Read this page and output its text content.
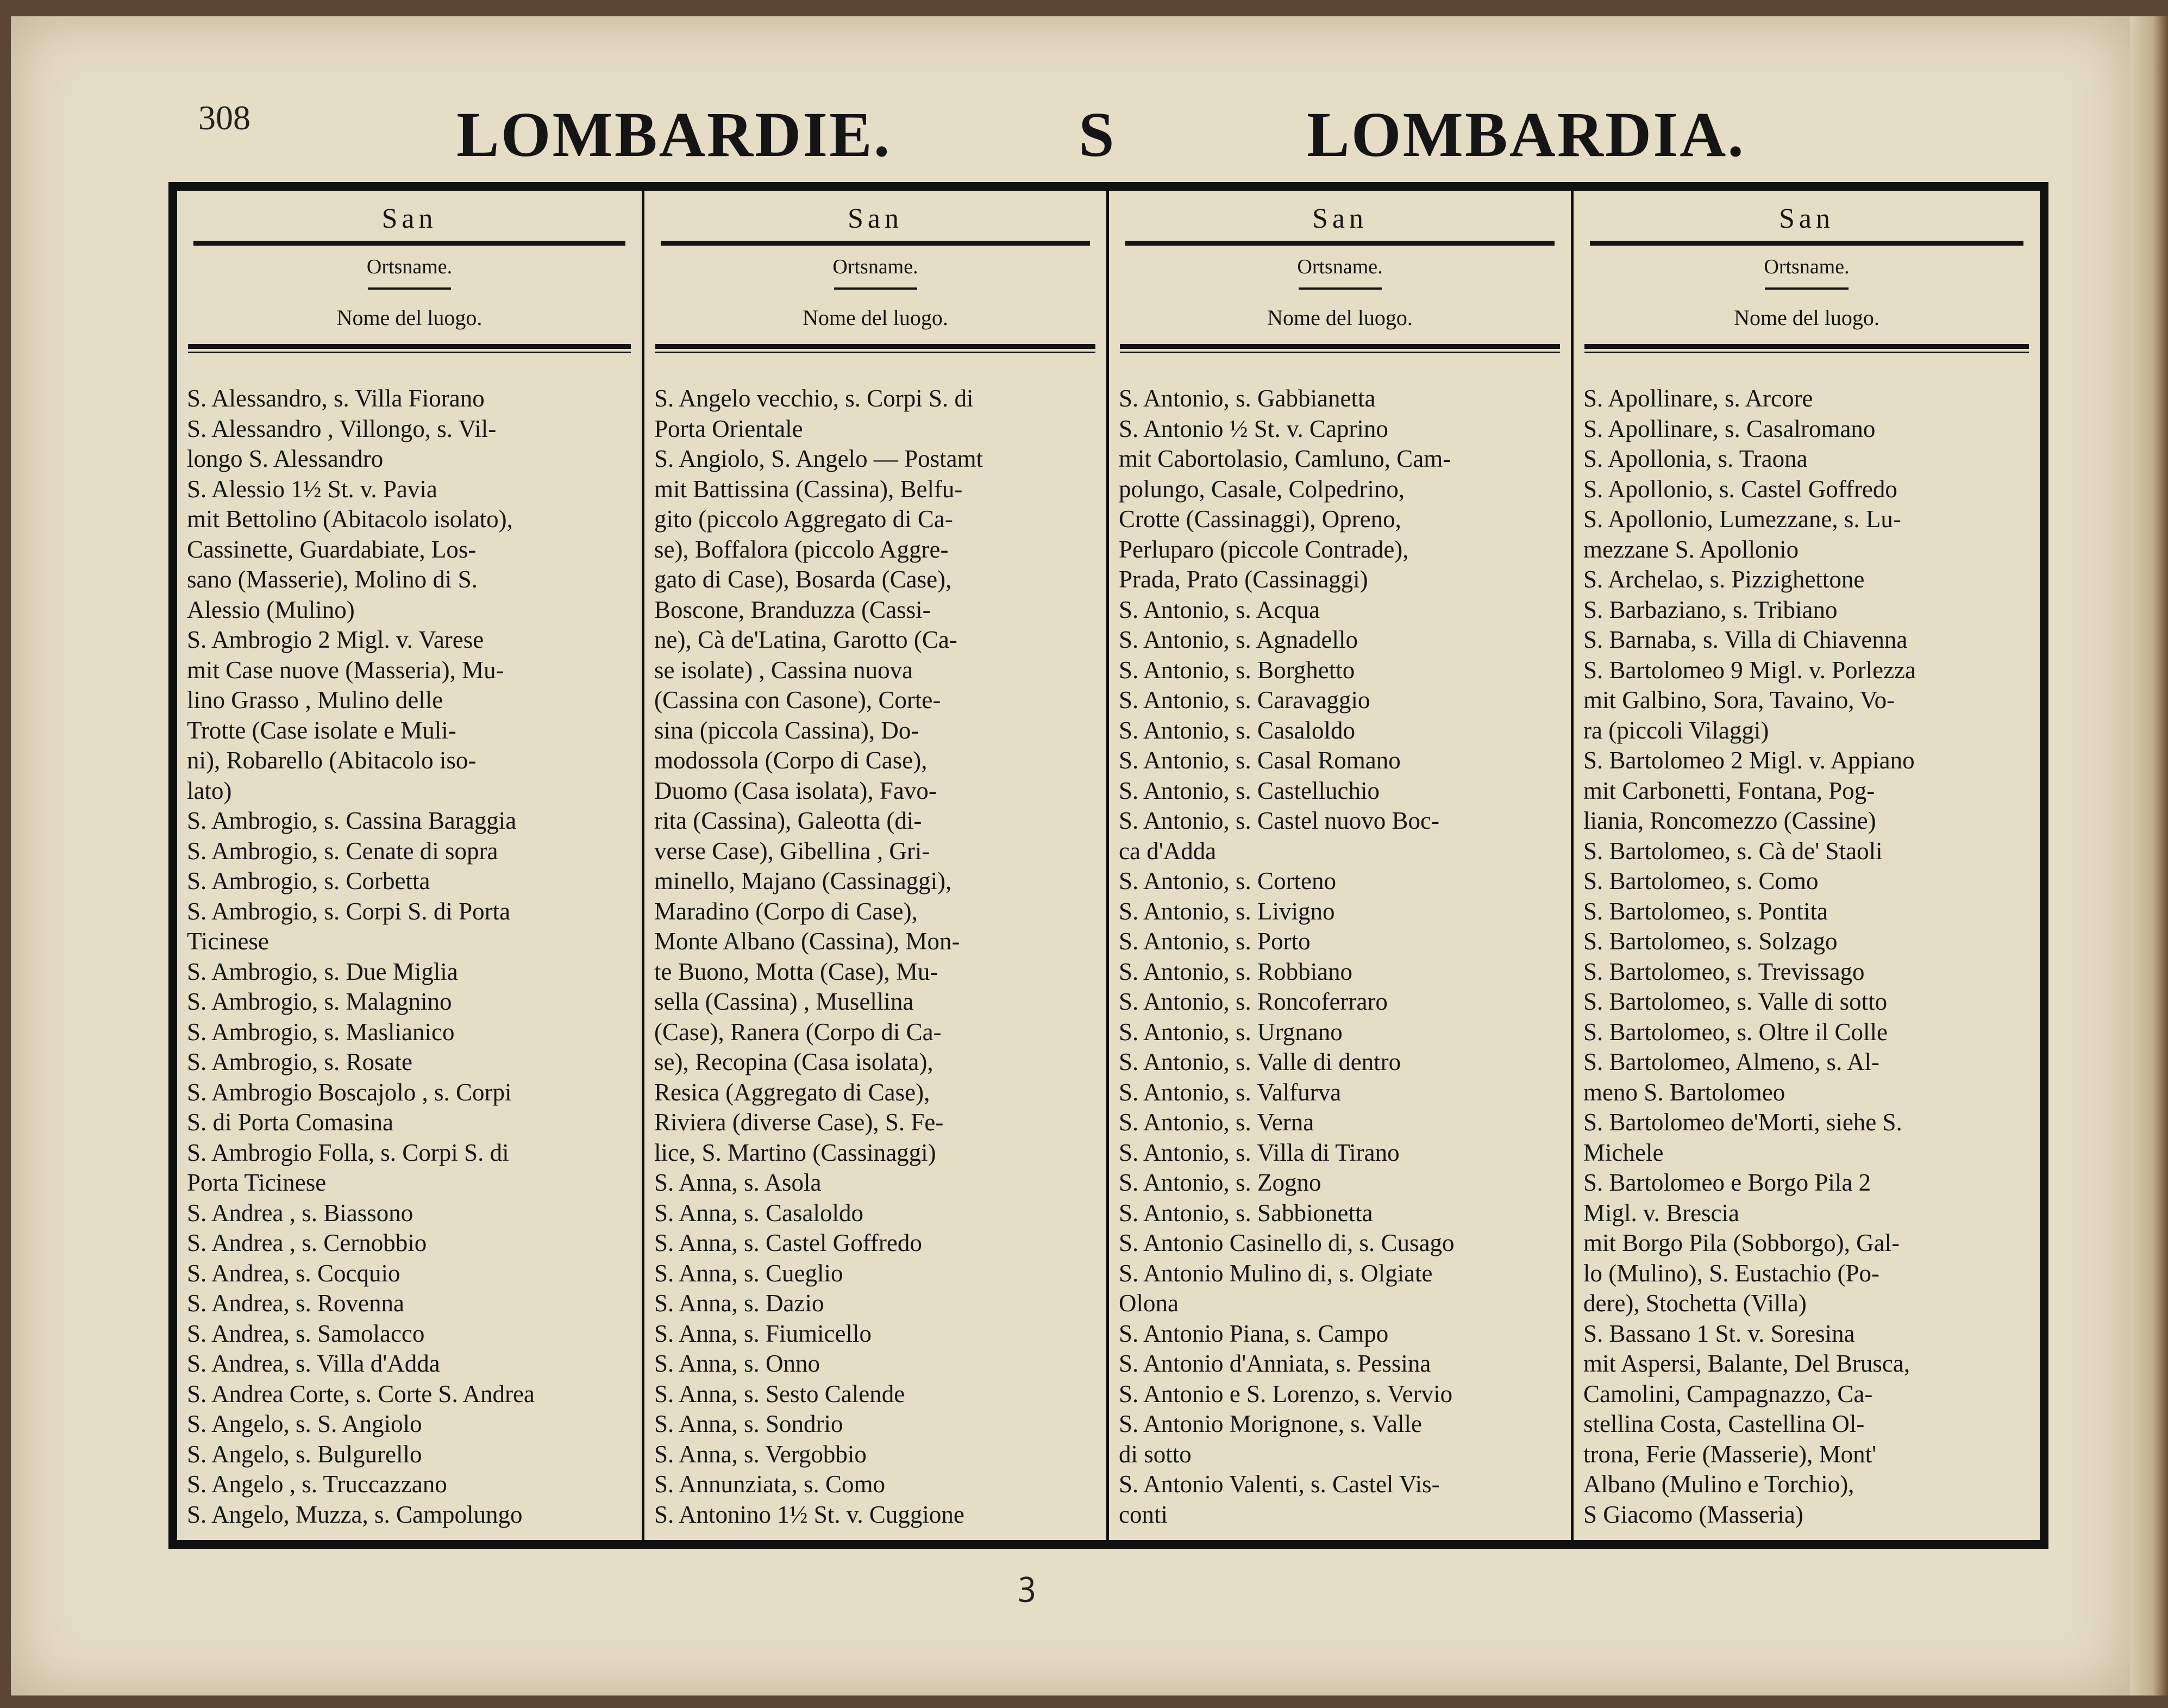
308	LOMBARDIE.	S	LOMBARDIA.
San
Ortsname.
Nome del luogo.
S. Alessandro, s. Villa Fiorano
S. Alessandro , Villongo, s. Vil-
longo S. Alessandro
S. Alessio 1½ St. v. Pavia
mit Bettolino (Abitacolo isolato),
Cassinette, Guardabiate, Los-
sano (Masserie), Molino di S.
Alessio (Mulino)
S. Ambrogio 2 Migl. v. Varese
mit Case nuove (Masseria), Mu-
lino Grasso , Mulino delle
Trotte (Case isolate e Muli-
ni), Robarello (Abitacolo iso-
lato)
S. Ambrogio, s. Cassina Baraggia
S. Ambrogio, s. Cenate di sopra
S. Ambrogio, s. Corbetta
S. Ambrogio, s. Corpi S. di Porta
Ticinese
S. Ambrogio, s. Due Miglia
S. Ambrogio, s. Malagnino
S. Ambrogio, s. Maslianico
S. Ambrogio, s. Rosate
S. Ambrogio Boscajolo , s. Corpi
S. di Porta Comasina
S. Ambrogio Folla, s. Corpi S. di
Porta Ticinese
S. Andrea , s. Biassono
S. Andrea , s. Cernobbio
S. Andrea, s. Cocquio
S. Andrea, s. Rovenna
S. Andrea, s. Samolacco
S. Andrea, s. Villa d'Adda
S. Andrea Corte, s. Corte S. Andrea
S. Angelo, s. S. Angiolo
S. Angelo, s. Bulgurello
S. Angelo , s. Truccazzano
S. Angelo, Muzza, s. Campolungo
San
Ortsname.
Nome del luogo.
S. Angelo vecchio, s. Corpi S. di
Porta Orientale
S. Angiolo, S. Angelo — Postamt
mit Battissina (Cassina), Belfu-
gito (piccolo Aggregato di Ca-
se), Boffalora (piccolo Aggre-
gato di Case), Bosarda (Case),
Boscone, Branduzza (Cassi-
ne), Cà de'Latina, Garotto (Ca-
se isolate) , Cassina nuova
(Cassina con Casone), Corte-
sina (piccola Cassina), Do-
modossola (Corpo di Case),
Duomo (Casa isolata), Favo-
rita (Cassina), Galeotta (di-
verse Case), Gibellina , Gri-
minello, Majano (Cassinaggi),
Maradino (Corpo di Case),
Monte Albano (Cassina), Mon-
te Buono, Motta (Case), Mu-
sella (Cassina) , Musellina
(Case), Ranera (Corpo di Ca-
se), Recopina (Casa isolata),
Resica (Aggregato di Case),
Riviera (diverse Case), S. Fe-
lice, S. Martino (Cassinaggi)
S. Anna, s. Asola
S. Anna, s. Casaloldo
S. Anna, s. Castel Goffredo
S. Anna, s. Cueglio
S. Anna, s. Dazio
S. Anna, s. Fiumicello
S. Anna, s. Onno
S. Anna, s. Sesto Calende
S. Anna, s. Sondrio
S. Anna, s. Vergobbio
S. Annunziata, s. Como
S. Antonino 1½ St. v. Cuggione
San
Ortsname.
Nome del luogo.
S. Antonio, s. Gabbianetta
S. Antonio ½ St. v. Caprino
mit Cabortolasio, Camluno, Cam-
polungo, Casale, Colpedrino,
Crotte (Cassinaggi), Opreno,
Perluparo (piccole Contrade),
Prada, Prato (Cassinaggi)
S. Antonio, s. Acqua
S. Antonio, s. Agnadello
S. Antonio, s. Borghetto
S. Antonio, s. Caravaggio
S. Antonio, s. Casaloldo
S. Antonio, s. Casal Romano
S. Antonio, s. Castelluchio
S. Antonio, s. Castel nuovo Boc-
ca d'Adda
S. Antonio, s. Corteno
S. Antonio, s. Livigno
S. Antonio, s. Porto
S. Antonio, s. Robbiano
S. Antonio, s. Roncoferraro
S. Antonio, s. Urgnano
S. Antonio, s. Valle di dentro
S. Antonio, s. Valfurva
S. Antonio, s. Verna
S. Antonio, s. Villa di Tirano
S. Antonio, s. Zogno
S. Antonio, s. Sabbionetta
S. Antonio Casinello di, s. Cusago
S. Antonio Mulino di, s. Olgiate
Olona
S. Antonio Piana, s. Campo
S. Antonio d'Anniata, s. Pessina
S. Antonio e S. Lorenzo, s. Vervio
S. Antonio Morignone, s. Valle
di sotto
S. Antonio Valenti, s. Castel Vis-
conti
San
Ortsname.
Nome del luogo.
S. Apollinare, s. Arcore
S. Apollinare, s. Casalromano
S. Apollonia, s. Traona
S. Apollonio, s. Castel Goffredo
S. Apollonio, Lumezzane, s. Lu-
mezzane S. Apollonio
S. Archelao, s. Pizzighettone
S. Barbaziano, s. Tribiano
S. Barnaba, s. Villa di Chiavenna
S. Bartolomeo 9 Migl. v. Porlezza
mit Galbino, Sora, Tavaino, Vo-
ra (piccoli Vilaggi)
S. Bartolomeo 2 Migl. v. Appiano
mit Carbonetti, Fontana, Pog-
liania, Roncomezzo (Cassine)
S. Bartolomeo, s. Cà de' Staoli
S. Bartolomeo, s. Como
S. Bartolomeo, s. Pontita
S. Bartolomeo, s. Solzago
S. Bartolomeo, s. Trevissago
S. Bartolomeo, s. Valle di sotto
S. Bartolomeo, s. Oltre il Colle
S. Bartolomeo, Almeno, s. Al-
meno S. Bartolomeo
S. Bartolomeo de'Morti, siehe S.
Michele
S. Bartolomeo e Borgo Pila 2
Migl. v. Brescia
mit Borgo Pila (Sobborgo), Gal-
lo (Mulino), S. Eustachio (Po-
dere), Stochetta (Villa)
S. Bassano 1 St. v. Soresina
mit Aspersi, Balante, Del Brusca,
Camolini, Campagnazzo, Ca-
stellina Costa, Castellina Ol-
trona, Ferie (Masserie), Mont'
Albano (Mulino e Torchio),
S Giacomo (Masseria)
ꝫ
